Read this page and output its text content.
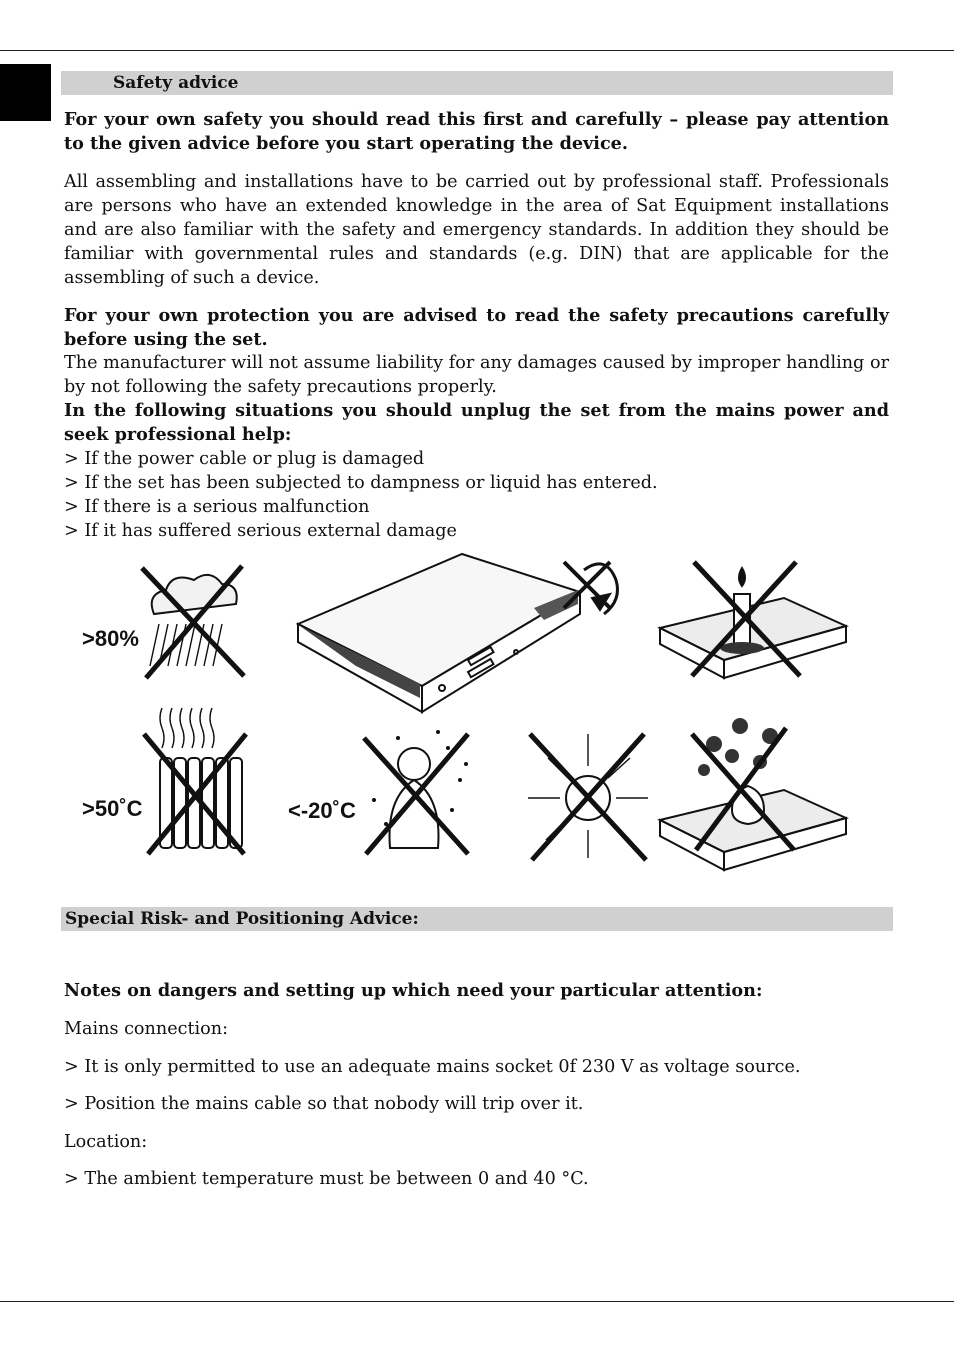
Safety advice

For your own safety you should read this first and carefully – please pay attention to the given advice before you start operating the device.

All assembling and installations have to be carried out by professional staff. Professionals are persons who have an extended knowledge in the area of Sat Equipment installations and are also familiar with the safety and emergency standards. In addition they should be familiar with governmental rules and standards (e.g. DIN) that are applicable for the assembling of such a device.

For your own protection you are advised to read the safety precautions carefully before using the set.

The manufacturer will not assume liability for any damages caused by improper handling or by not following the safety precautions properly.

In the following situations you should unplug the set from the mains power and seek professional help:

> If the power cable or plug is damaged
> If the set has been subjected to dampness or liquid has entered.
> If there is a serious malfunction
> If it has suffered serious external damage
>80%
>50˚C	<-20˚C
Special Risk- and Positioning Advice:
Notes on dangers and setting up which need your particular attention:
Mains connection:
> It is only permitted to use an adequate mains socket 0f 230 V as voltage source.
> Position the mains cable so that nobody will trip over it.
Location:
> The ambient temperature must be between 0 and 40 °C.
